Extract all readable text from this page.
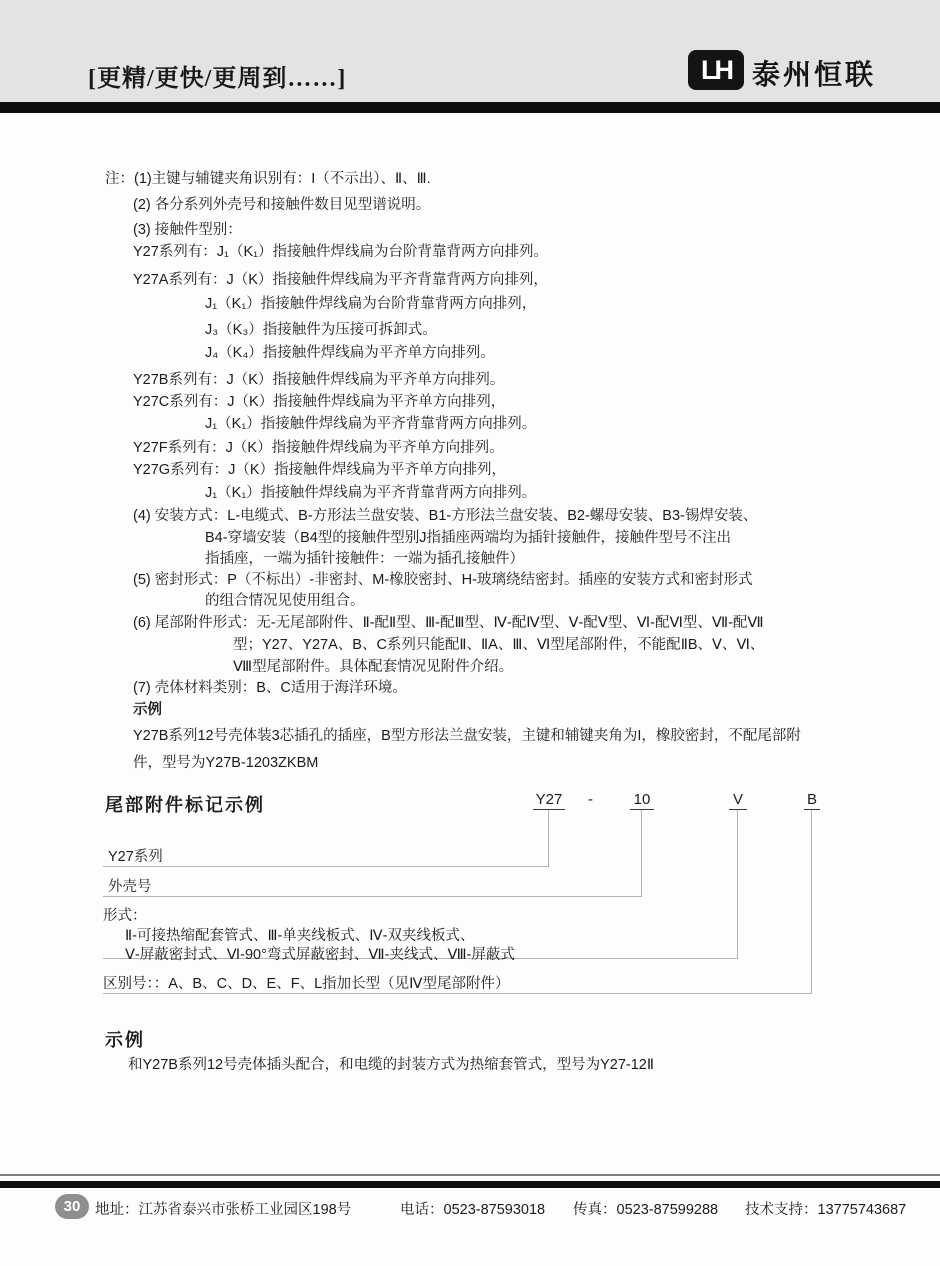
[更精/更快/更周到……]	LH 泰州恒联
注：(1)主键与辅键夹角识别有：I（不示出）、Ⅱ、Ⅲ.
(2) 各分系列外壳号和接触件数目见型谱说明。
(3) 接触件型别：
Y27系列有：J₁（K₁）指接触件焊线扁为台阶背靠背两方向排列。
Y27A系列有：J（K）指接触件焊线扁为平齐背靠背两方向排列，
J₁（K₁）指接触件焊线扁为台阶背靠背两方向排列，
J₃（K₃）指接触件为压接可拆卸式。
J₄（K₄）指接触件焊线扁为平齐单方向排列。
Y27B系列有：J（K）指接触件焊线扁为平齐单方向排列。
Y27C系列有：J（K）指接触件焊线扁为平齐单方向排列，
J₁（K₁）指接触件焊线扁为平齐背靠背两方向排列。
Y27F系列有：J（K）指接触件焊线扁为平齐单方向排列。
Y27G系列有：J（K）指接触件焊线扁为平齐单方向排列，
J₁（K₁）指接触件焊线扁为平齐背靠背两方向排列。
(4) 安装方式：L-电缆式、B-方形法兰盘安装、B1-方形法兰盘安装、B2-螺母安装、B3-锡焊安装、
B4-穿墙安装（B4型的接触件型别J指插座两端均为插针接触件，接触件型号不注出
指插座，一端为插针接触件：一端为插孔接触件）
(5) 密封形式：P（不标出）-非密封、M-橡胶密封、H-玻璃绕结密封。插座的安装方式和密封形式
的组合情况见使用组合。
(6) 尾部附件形式：无-无尾部附件、Ⅱ-配Ⅱ型、Ⅲ-配Ⅲ型、Ⅳ-配Ⅳ型、Ⅴ-配Ⅴ型、Ⅵ-配Ⅵ型、Ⅶ-配Ⅶ
型；Y27、Y27A、B、C系列只能配Ⅱ、ⅡA、Ⅲ、Ⅵ型尾部附件，不能配ⅡB、Ⅴ、Ⅵ、
Ⅷ型尾部附件。具体配套情况见附件介绍。
(7) 壳体材料类别：B、C适用于海洋环境。
示例
Y27B系列12号壳体装3芯插孔的插座，B型方形法兰盘安装，主键和辅键夹角为I，橡胶密封，不配尾部附
件，型号为Y27B-1203ZKBM
尾部附件标记示例	Y27 -	10	V	B
Y27系列
外壳号
形式：
Ⅱ-可接热缩配套管式、Ⅲ-单夹线板式、Ⅳ-双夹线板式、
Ⅴ-屏蔽密封式、Ⅵ-90°弯式屏蔽密封、Ⅶ-夹线式、Ⅷ-屏蔽式
区别号：：A、B、C、D、E、F、L指加长型（见Ⅳ型尾部附件）
示例
和Y27B系列12号壳体插头配合，和电缆的封装方式为热缩套管式，型号为Y27-12Ⅱ
30	地址：江苏省泰兴市张桥工业园区198号	电话：0523-87593018 传真：0523-87599288 技术支持：13775743687
